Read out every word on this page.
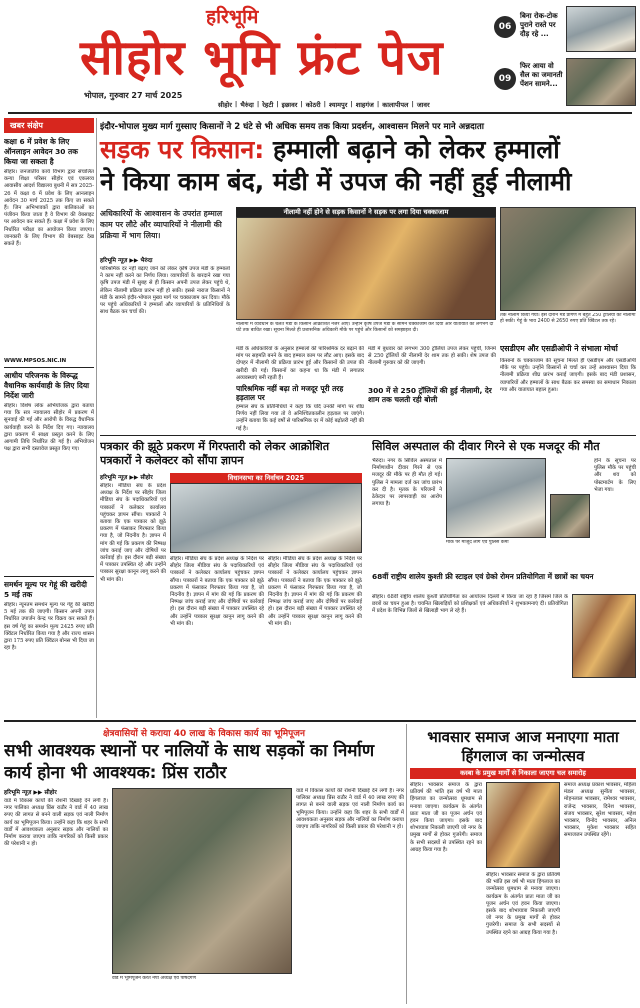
हरिभूमि
सीहोर भूमि फ्रंट पेज
भोपाल, गुरुवार 27 मार्च 2025
सीहोर | भैरुंदा | रेहटी | इछावर | कोठरी | श्यामपुर | शाहगंज | कालापीपल | जावर
06
बिना रोक-टोक पुराने रास्ते पर दौड़ रहे ...
09
फिर आया वो सैल का जमानती पेंशन सामने...
खबर संक्षेप
कक्षा 6 में प्रवेश के लिए ऑनलाइन आवेदन 30 तक किया जा सकता है
सीहोर। जनजातीय कार्य विभाग द्वारा संचालित कन्या शिक्षा परिसर सीहोर एवं एकलव्य आवासीय आदर्श विद्यालय बुधनी में सत्र 2025-26 में कक्षा 6 में प्रवेश के लिए आनलाइन आवेदन 30 मार्च 2025 तक किए जा सकते हैं। जिन अभिभावकों द्वारा बालिकाओं का पंजीयन किया जाता है वे विभाग की वेबसाइट पर आवेदन कर सकते हैं। कक्षा में प्रवेश के लिए निर्धारित परीक्षा का आयोजन किया जाएगा। जानकारी के लिए विभाग की वेबसाइट देख सकते हैं।
WWW.MPSOS.NIC.IN
आधीय परिजनक के विरूद्ध वैधानिक कार्यवाही के लिए दिया निर्देश जारी
सीहोर। विशेष लोक अभियोजक द्वारा बताया गया कि सत्र न्यायालय सीहोर में प्रकरण में सुनवाई की गई और आरोपी के विरुद्ध वैधानिक कार्यवाही करने के निर्देश दिए गए। न्यायालय द्वारा प्रकरण में साक्ष्य प्रस्तुत करने के लिए आगामी तिथि निर्धारित की गई है। अभियोजन पक्ष द्वारा सभी दस्तावेज प्रस्तुत किए गए।
समर्थन मूल्य पर गेहूं की खरीदी 5 मई तक
सीहोर। न्यूनतम समर्थन मूल्य पर गेहूं की खरीदी 5 मई तक की जाएगी। किसान अपनी उपज निर्धारित उपार्जन केन्द्र पर विक्रय कर सकते हैं। इस वर्ष गेहूं का समर्थन मूल्य 2425 रुपए प्रति क्विंटल निर्धारित किया गया है और राज्य शासन द्वारा 175 रुपए प्रति क्विंटल बोनस भी दिया जा रहा है।
इंदौर-भोपाल मुख्य मार्ग गुस्साए किसानों ने 2 घंटे से भी अधिक समय तक किया प्रदर्शन, आश्वासन मिलने पर माने अन्नदाता
सड़क पर किसान: हम्माली बढ़ाने को लेकर हम्मालों
ने किया काम बंद, मंडी में उपज की नहीं हुई नीलामी
अधिकारियों के आश्वासन के उपरांत हम्माल काम पर लौटे और व्यापारियों ने नीलामी की प्रक्रिया में भाग लिया।
हरिभूमि न्यूज़ ▶▶ भैरुंदा
पारिश्रमिक दर नहीं बढ़ाए जाने को लेकर कृषि उपज मंडी के हम्मालों ने काम नहीं करने का निर्णय लिया। व्यापारियों के बारदाने रखा गया कृषि उपज मंडी में सुबह से ही किसान अपनी उपज लेकर पहुंचे थे, लेकिन नीलामी प्रक्रिया प्रारंभ नहीं हो सकी। इससे नाराज किसानों ने मंडी के सामने इंदौर-भोपाल मुख्य मार्ग पर चक्काजाम कर दिया। मौके पर पहुंचे अधिकारियों ने हम्मालों और व्यापारियों के प्रतिनिधियों के साथ बैठक कर चर्चा की।
नीलामी नहीं होने से सड़क किसानों ने सड़क पर लगा दिया चक्काजाम
नीलामी में व्यवधान के चलते मंडी के किसान आक्रोशित नजर आए। उन्होंने कृषि उपज मंडी के सामने चक्काजाम कर दिया और यातायात को लगभग दो घंटे तक बाधित रखा। सूचना मिलते ही प्रशासनिक अधिकारी मौके पर पहुंचे और किसानों को समझाइश दी।
मंडी के अधिकारियों के अनुसार हम्मालों की पारिश्रमिक दर बढ़ाने की मांग पर सहमति बनने के बाद हम्माल काम पर लौट आए। इसके बाद दोपहर में नीलामी की प्रक्रिया प्रारंभ हुई और किसानों की उपज की खरीदी की गई। किसानों का कहना था कि मंडी में लगातार अव्यवस्थाएं बनी रहती हैं।
पारिश्रमिक नहीं बढ़ा तो मजदूर पूरी तरह हड़ताल पर
हम्माल संघ के प्रतिनिधियों ने कहा कि यदि उनकी मांगों पर शीघ्र निर्णय नहीं लिया गया तो वे अनिश्चितकालीन हड़ताल पर जाएंगे। उन्होंने बताया कि कई वर्षों से पारिश्रमिक दर में कोई बढ़ोतरी नहीं की गई है।
मंडी में बुधवार को लगभग 300 ट्रॉलियां उपज लेकर पहुंचीं, जिनमें से 250 ट्रॉलियों की नीलामी देर शाम तक हो सकी। शेष उपज की नीलामी गुरुवार को की जाएगी।
300 में से 250 ट्रॉलियों की हुई नीलामी, देर शाम तक चलती रही बोली
तक नीलाम किया गया। इस दौरान मंडे प्रांगण में बहुत 250 ट्रॉलियों की नीलामी हो सकी। गेहूं के भाव 2400 से 2650 रुपए प्रति क्विंटल तक रहे।
एसडीएम और एसडीओपी ने संभाला मोर्चा
किसानों के चक्काजाम की सूचना मिलते ही एसडीएम और एसडीओपी मौके पर पहुंचे। उन्होंने किसानों से चर्चा कर उन्हें आश्वासन दिया कि नीलामी प्रक्रिया शीघ्र प्रारंभ कराई जाएगी। इसके बाद मंडी प्रशासन, व्यापारियों और हम्मालों के साथ बैठक कर समस्या का समाधान निकाला गया और यातायात बहाल हुआ।
पत्रकार की झूठे प्रकरण में गिरफ्तारी को लेकर आक्रोशित पत्रकारों ने कलेक्टर को सौंपा ज्ञापन
हरिभूमि न्यूज़ ▶▶ सीहोर
सीहोर। मीडिया संघ के प्रदेश अध्यक्ष के निर्देश पर सीहोर जिला मीडिया संघ के पदाधिकारियों एवं पत्रकारों ने कलेक्टर कार्यालय पहुंचकर ज्ञापन सौंपा। पत्रकारों ने बताया कि एक पत्रकार को झूठे प्रकरण में फंसाकर गिरफ्तार किया गया है, जो निंदनीय है। ज्ञापन में मांग की गई कि प्रकरण की निष्पक्ष जांच कराई जाए और दोषियों पर कार्रवाई हो। इस दौरान बड़ी संख्या में पत्रकार उपस्थित रहे और उन्होंने पत्रकार सुरक्षा कानून लागू करने की भी मांग की।
विधानसभा का निर्वाचन 2025
सीहोर। मीडिया संघ के प्रदेश अध्यक्ष के निर्देश पर सीहोर जिला मीडिया संघ के पदाधिकारियों एवं पत्रकारों ने कलेक्टर कार्यालय पहुंचकर ज्ञापन सौंपा। पत्रकारों ने बताया कि एक पत्रकार को झूठे प्रकरण में फंसाकर गिरफ्तार किया गया है, जो निंदनीय है। ज्ञापन में मांग की गई कि प्रकरण की निष्पक्ष जांच कराई जाए और दोषियों पर कार्रवाई हो। इस दौरान बड़ी संख्या में पत्रकार उपस्थित रहे और उन्होंने पत्रकार सुरक्षा कानून लागू करने की भी मांग की।
सीहोर। मीडिया संघ के प्रदेश अध्यक्ष के निर्देश पर सीहोर जिला मीडिया संघ के पदाधिकारियों एवं पत्रकारों ने कलेक्टर कार्यालय पहुंचकर ज्ञापन सौंपा। पत्रकारों ने बताया कि एक पत्रकार को झूठे प्रकरण में फंसाकर गिरफ्तार किया गया है, जो निंदनीय है। ज्ञापन में मांग की गई कि प्रकरण की निष्पक्ष जांच कराई जाए और दोषियों पर कार्रवाई हो। इस दौरान बड़ी संख्या में पत्रकार उपस्थित रहे और उन्होंने पत्रकार सुरक्षा कानून लागू करने की भी मांग की।
सिविल अस्पताल की दीवार गिरने से एक मजदूर की मौत
भैरुंदा। नगर के सिविल अस्पताल में निर्माणाधीन दीवार गिरने से एक मजदूर की मौके पर ही मौत हो गई। पुलिस ने मामला दर्ज कर जांच प्रारंभ कर दी है। मृतक के परिजनों ने ठेकेदार पर लापरवाही का आरोप लगाया है।
मौके पर मौजूद लोग एवं पुलिस कर्मी
होने के सूचना पर पुलिस मौके पर पहुंची और शव को पोस्टमार्टम के लिए भेजा गया।
68वीं राष्ट्रीय शालेय कुश्ती फ्री स्टाइल एवं ग्रेको रोमन प्रतियोगिता में छात्रों का चयन
सीहोर। 68वीं राष्ट्रीय शालेय कुश्ती प्रतियोगिता का आयोजन दिल्ली में किया जा रहा है जिसमें जिले के छात्रों का चयन हुआ है। चयनित खिलाड़ियों को प्रशिक्षकों एवं अधिकारियों ने शुभकामनाएं दीं। प्रतियोगिता में प्रदेश के विभिन्न जिलों से खिलाड़ी भाग ले रहे हैं।
क्षेत्रवासियों से कराया 40 लाख के विकास कार्य का भूमिपूजन
सभी आवश्यक स्थानों पर नालियों के साथ सड़कों का निर्माण कार्य होना भी आवश्यक: प्रिंस राठौर
हरिभूमि न्यूज़ ▶▶ सीहोर
वार्ड में विकास कार्यों की रोशनी दिखाई देने लगी है। नगर पालिका अध्यक्ष प्रिंस राठौर ने वार्ड में 40 लाख रुपए की लागत से बनने वाली सड़क एवं नाली निर्माण कार्य का भूमिपूजन किया। उन्होंने कहा कि शहर के सभी वार्डों में आवश्यकता अनुसार सड़क और नालियों का निर्माण कराया जाएगा ताकि नागरिकों को किसी प्रकार की परेशानी न हो।
वार्ड में भूमिपूजन करते नपा अध्यक्ष एवं पार्षदगण
वार्ड में विकास कार्यों की रोशनी दिखाई देने लगी है। नगर पालिका अध्यक्ष प्रिंस राठौर ने वार्ड में 40 लाख रुपए की लागत से बनने वाली सड़क एवं नाली निर्माण कार्य का भूमिपूजन किया। उन्होंने कहा कि शहर के सभी वार्डों में आवश्यकता अनुसार सड़क और नालियों का निर्माण कराया जाएगा ताकि नागरिकों को किसी प्रकार की परेशानी न हो।
भावसार समाज आज मनाएगा माता हिंगलाज का जन्मोत्सव
कस्बा के प्रमुख मार्गों से निकाला जाएगा चल समारोह
सीहोर। भावसार समाज के द्वारा प्रतिवर्ष की भांति इस वर्ष भी माता हिंगलाज का जन्मोत्सव धूमधाम से मनाया जाएगा। कार्यक्रम के अंतर्गत प्रातः माता जी का पूजन अर्चन एवं हवन किया जाएगा। इसके बाद शोभायात्रा निकाली जाएगी जो नगर के प्रमुख मार्गों से होकर गुजरेगी। समाज के सभी सदस्यों से उपस्थित रहने का आग्रह किया गया है।
सीहोर। भावसार समाज के द्वारा प्रतिवर्ष की भांति इस वर्ष भी माता हिंगलाज का जन्मोत्सव धूमधाम से मनाया जाएगा। कार्यक्रम के अंतर्गत प्रातः माता जी का पूजन अर्चन एवं हवन किया जाएगा। इसके बाद शोभायात्रा निकाली जाएगी जो नगर के प्रमुख मार्गों से होकर गुजरेगी। समाज के सभी सदस्यों से उपस्थित रहने का आग्रह किया गया है।
समाज अध्यक्ष प्रकाश भावसार, महिला मंडल अध्यक्ष सुनीता भावसार, मोहनलाल भावसार, रामेश्वर भावसार, राजेन्द्र भावसार, दिनेश भावसार, संजय भावसार, सुरेश भावसार, महेश भावसार, विनोद भावसार, अनिल भावसार, मुकेश भावसार सहित समाजजन उपस्थित रहेंगे।
